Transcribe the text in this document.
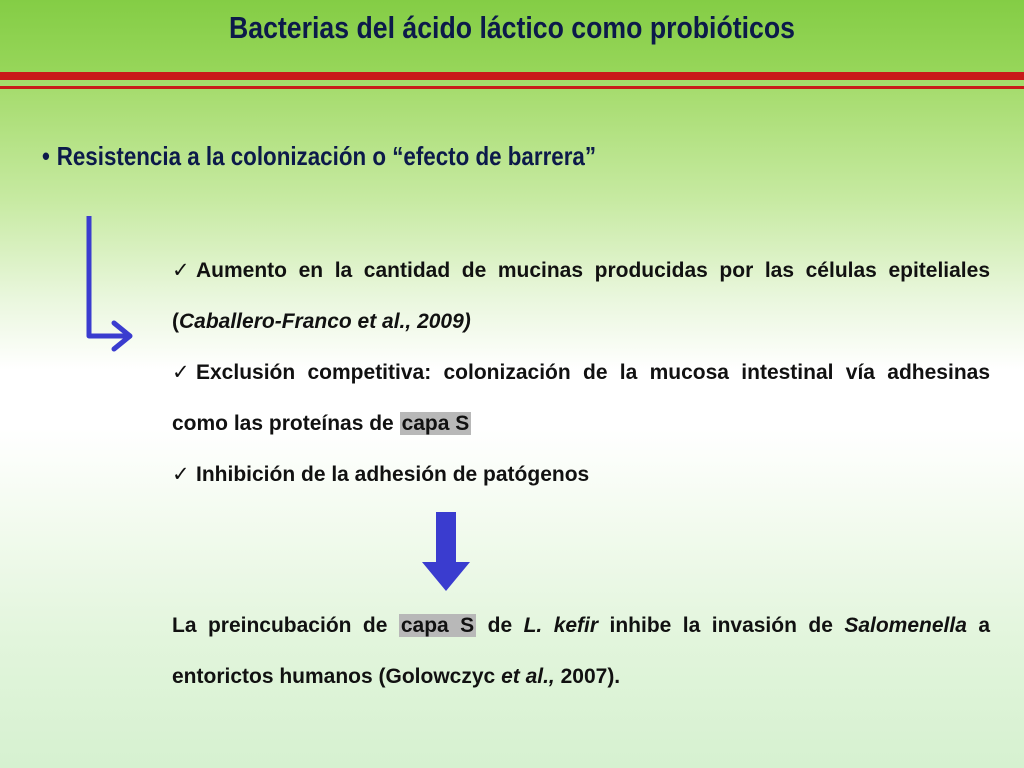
Bacterias del ácido láctico como probióticos
• Resistencia a la colonización o “efecto de barrera”

✓ Aumento en la cantidad de mucinas producidas por las células epiteliales (Caballero-Franco et al., 2009)

✓ Exclusión competitiva: colonización de la mucosa intestinal vía adhesinas como las proteínas de capa S

✓ Inhibición de la adhesión de patógenos

La preincubación de capa S de L. kefir inhibe la invasión de Salomenella a entorictos humanos (Golowczyc et al., 2007).
